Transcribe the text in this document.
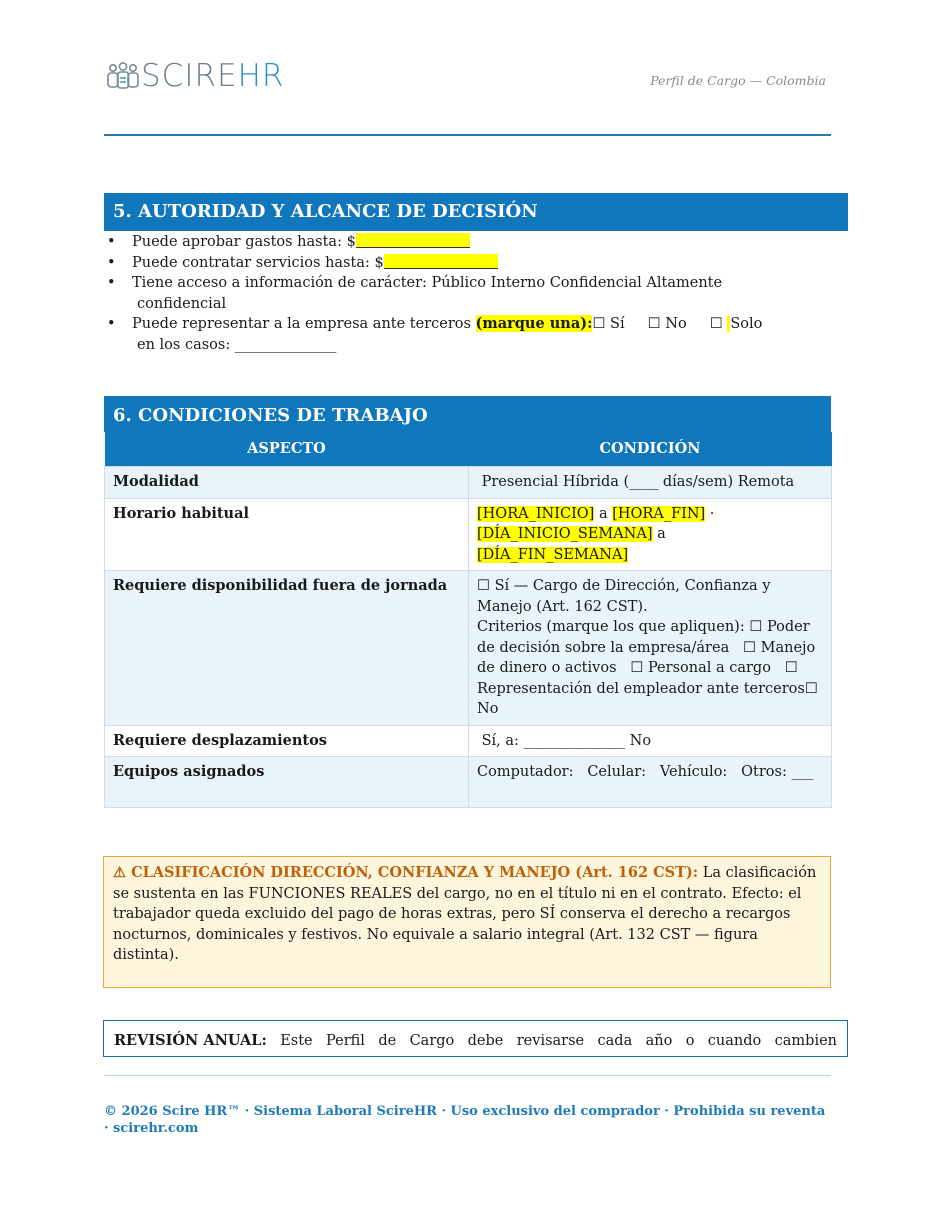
SCIRE HR	Perfil de Cargo — Colombia
5. AUTORIDAD Y ALCANCE DE DECISIÓN
• Puede aprobar gastos hasta: $
• Puede contratar servicios hasta: $
• Tiene acceso a información de carácter: Público Interno Confidencial Altamente
confidencial
• Puede representar a la empresa ante terceros (marque una):☐ Sí     ☐ No     ☐ Solo
en los casos: ______________
6. CONDICIONES DE TRABAJO
ASPECTO	CONDICIÓN
Modalidad	Presencial Híbrida (____ días/sem) Remota
Horario habitual	[HORA_INICIO] a [HORA_FIN] ·
[DÍA_INICIO_SEMANA] a
[DÍA_FIN_SEMANA]
Requiere disponibilidad fuera de jornada	☐ Sí — Cargo de Dirección, Confianza y Manejo (Art. 162 CST).
Criterios (marque los que apliquen): ☐ Poder de decisión sobre la empresa/área   ☐ Manejo de dinero o activos   ☐ Personal a cargo   ☐ Representación del empleador ante terceros☐
No

Requiere desplazamientos	Sí, a: ______________ No
Equipos asignados	Computador:   Celular:   Vehículo:   Otros: ___
⚠ CLASIFICACIÓN DIRECCIÓN, CONFIANZA Y MANEJO (Art. 162 CST): La clasificación se sustenta en las FUNCIONES REALES del cargo, no en el título ni en el contrato. Efecto: el trabajador queda excluido del pago de horas extras, pero SÍ conserva el derecho a recargos nocturnos, dominicales y festivos. No equivale a salario integral (Art. 132 CST — figura distinta).
REVISIÓN ANUAL: Este Perfil de Cargo debe revisarse cada año o cuando cambien
© 2026 Scire HR™ · Sistema Laboral ScireHR · Uso exclusivo del comprador · Prohibida su reventa · scirehr.com
